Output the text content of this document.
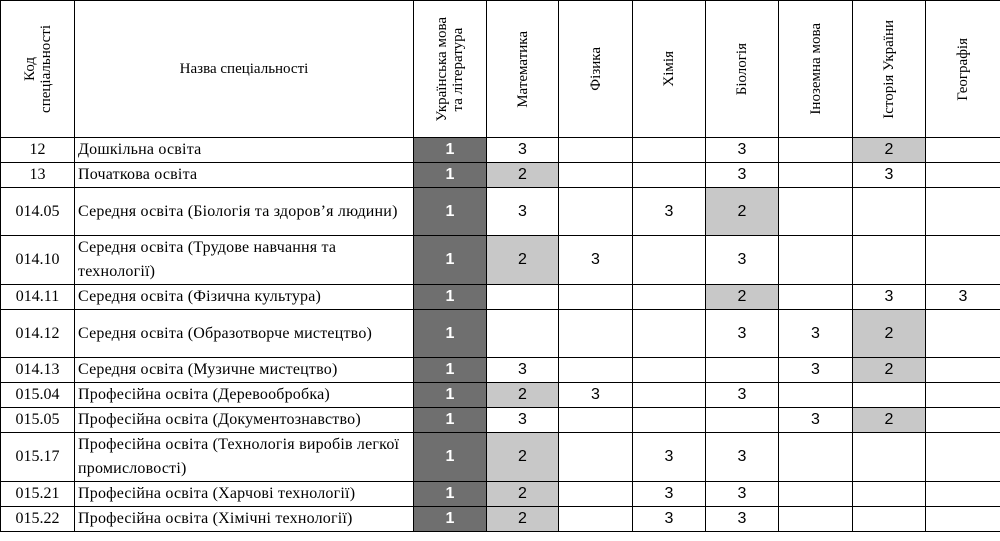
Код
спеціальності	Назва спеціальності	Українська мова
та література	Математика	Фізика	Хімія	Біологія	Іноземна мова	Історія України	Географія

12	Дошкільна освіта	1	3			3		2	
13	Початкова освіта	1	2			3		3	
014.05	Середня освіта (Біологія та здоров’я людини)	1	3		3	2			
014.10	Середня освіта (Трудове навчання та технології)	1	2	3		3			
014.11	Середня освіта (Фізична культура)	1				2		3	3
014.12	Середня освіта (Образотворче мистецтво)	1				3	3	2	
014.13	Середня освіта (Музичне мистецтво)	1	3				3	2	
015.04	Професійна освіта (Деревообробка)	1	2	3		3			
015.05	Професійна освіта (Документознавство)	1	3				3	2	
015.17	Професійна освіта (Технологія виробів легкої промисловості)	1	2		3	3			
015.21	Професійна освіта (Харчові технології)	1	2		3	3			
015.22	Професійна освіта (Хімічні технології)	1	2		3	3			
